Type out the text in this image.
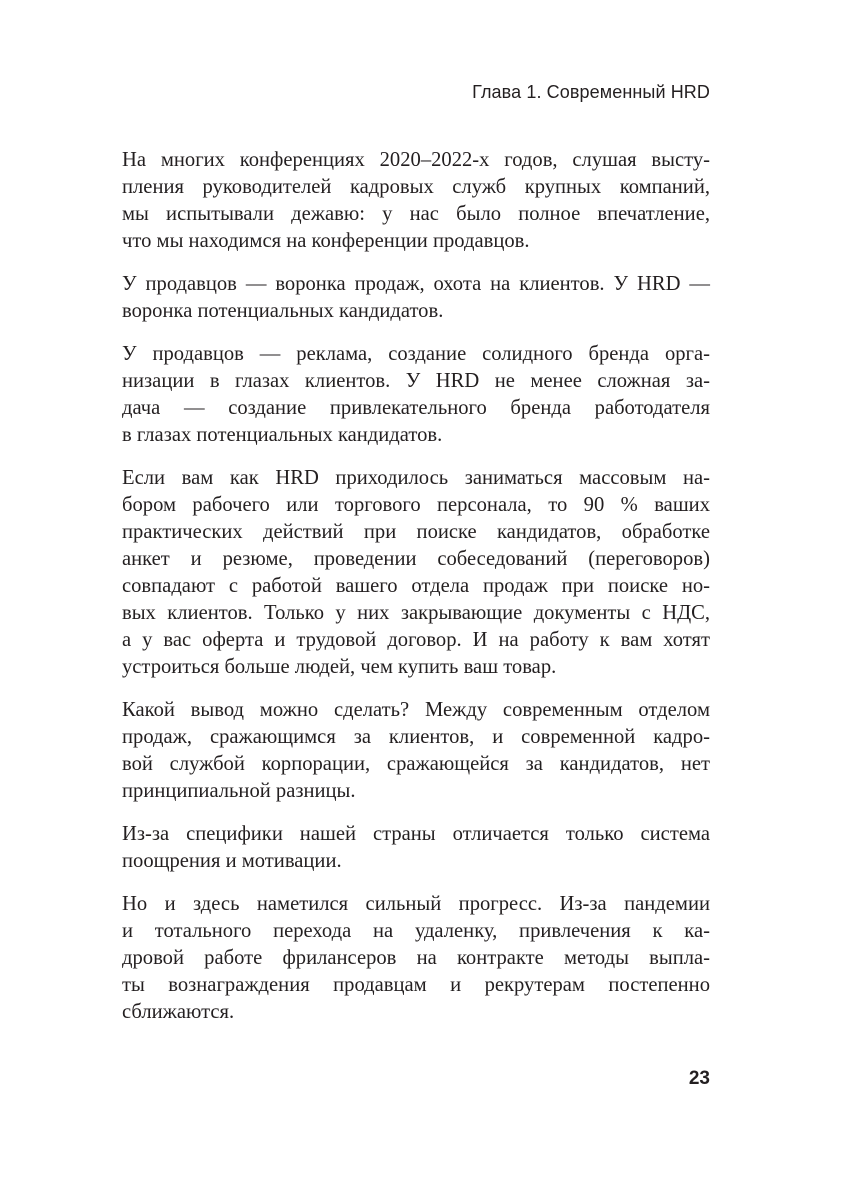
Глава 1. Современный HRD

На многих конференциях 2020–2022-х годов, слушая высту-
пления руководителей кадровых служб крупных компаний,
мы испытывали дежавю: у нас было полное впечатление,
что мы находимся на конференции продавцов.

У продавцов — воронка продаж, охота на клиентов. У HRD —
воронка потенциальных кандидатов.

У продавцов — реклама, создание солидного бренда орга-
низации в глазах клиентов. У HRD не менее сложная за-
дача — создание привлекательного бренда работодателя
в глазах потенциальных кандидатов.

Если вам как HRD приходилось заниматься массовым на-
бором рабочего или торгового персонала, то 90 % ваших
практических действий при поиске кандидатов, обработке
анкет и резюме, проведении собеседований (переговоров)
совпадают с работой вашего отдела продаж при поиске но-
вых клиентов. Только у них закрывающие документы с НДС,
а у вас оферта и трудовой договор. И на работу к вам хотят
устроиться больше людей, чем купить ваш товар.

Какой вывод можно сделать? Между современным отделом
продаж, сражающимся за клиентов, и современной кадро-
вой службой корпорации, сражающейся за кандидатов, нет
принципиальной разницы.

Из-за специфики нашей страны отличается только система
поощрения и мотивации.

Но и здесь наметился сильный прогресс. Из-за пандемии
и тотального перехода на удаленку, привлечения к ка-
дровой работе фрилансеров на контракте методы выпла-
ты вознаграждения продавцам и рекрутерам постепенно
сближаются.

23
